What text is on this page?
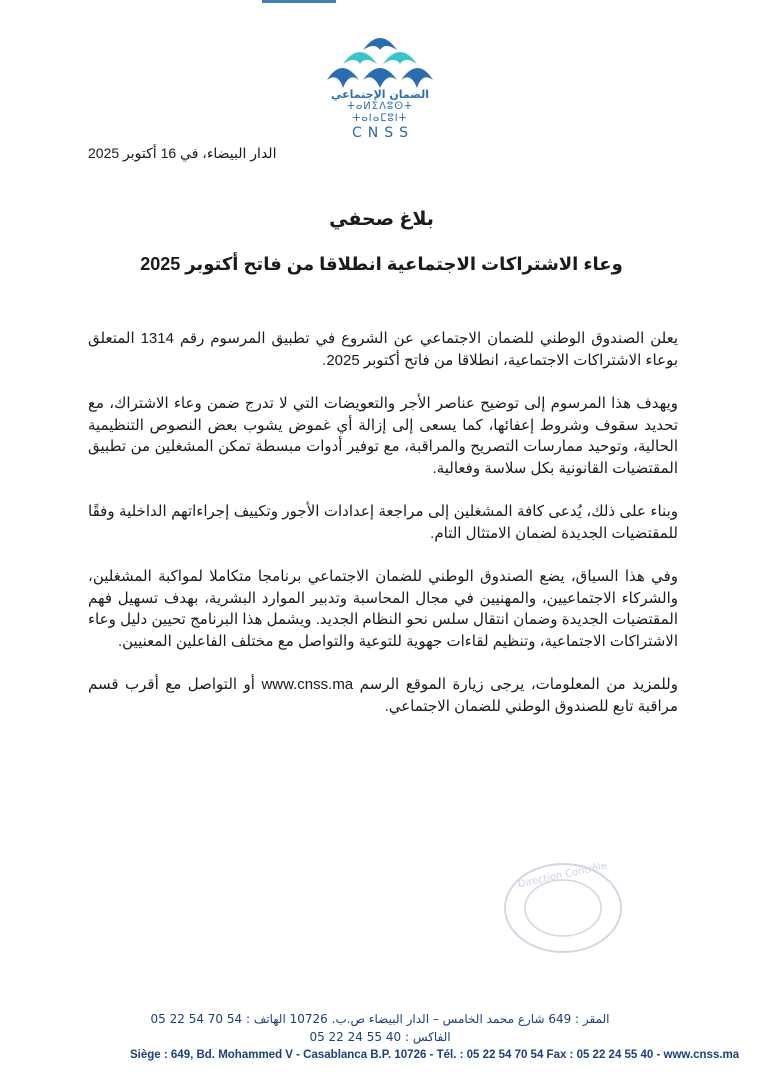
الضمان الإجتماعي
ⵜⴰⵍⵉⴷⵓⵙⵜ ⵜⴰⵏⴰⵎⵓⵏⵜ
CNSS
الدار البيضاء، في 16 أكتوبر 2025
بلاغ صحفي
وعاء الاشتراكات الاجتماعية انطلاقا من فاتح أكتوبر 2025

يعلن الصندوق الوطني للضمان الاجتماعي عن الشروع في تطبيق المرسوم رقم 1314 المتعلق بوعاء الاشتراكات الاجتماعية، انطلاقا من فاتح أكتوبر 2025.

ويهدف هذا المرسوم إلى توضيح عناصر الأجر والتعويضات التي لا تدرج ضمن وعاء الاشتراك، مع تحديد سقوف وشروط إعفائها، كما يسعى إلى إزالة أي غموض يشوب بعض النصوص التنظيمية الحالية، وتوحيد ممارسات التصريح والمراقبة، مع توفير أدوات مبسطة تمكن المشغلين من تطبيق المقتضيات القانونية بكل سلاسة وفعالية.

وبناء على ذلك، يُدعى كافة المشغلين إلى مراجعة إعدادات الأجور وتكييف إجراءاتهم الداخلية وفقًا للمقتضيات الجديدة لضمان الامتثال التام.

وفي هذا السياق، يضع الصندوق الوطني للضمان الاجتماعي برنامجا متكاملا لمواكبة المشغلين، والشركاء الاجتماعيين، والمهنيين في مجال المحاسبة وتدبير الموارد البشرية، بهدف تسهيل فهم المقتضيات الجديدة وضمان انتقال سلس نحو النظام الجديد. ويشمل هذا البرنامج تحيين دليل وعاء الاشتراكات الاجتماعية، وتنظيم لقاءات جهوية للتوعية والتواصل مع مختلف الفاعلين المعنيين.

وللمزيد من المعلومات، يرجى زيارة الموقع الرسم www.cnss.ma أو التواصل مع أقرب قسم مراقبة تابع للصندوق الوطني للضمان الاجتماعي.

Direction Contrôle
المقر : 649 شارع محمد الخامس – الدار البيضاء ص.ب. 10726 الهاتف : 54 70 54 22 05 الفاكس : 40 55 24 22 05
Siège : 649, Bd. Mohammed V - Casablanca B.P. 10726 - Tél. : 05 22 54 70 54 Fax : 05 22 24 55 40 - www.cnss.ma
